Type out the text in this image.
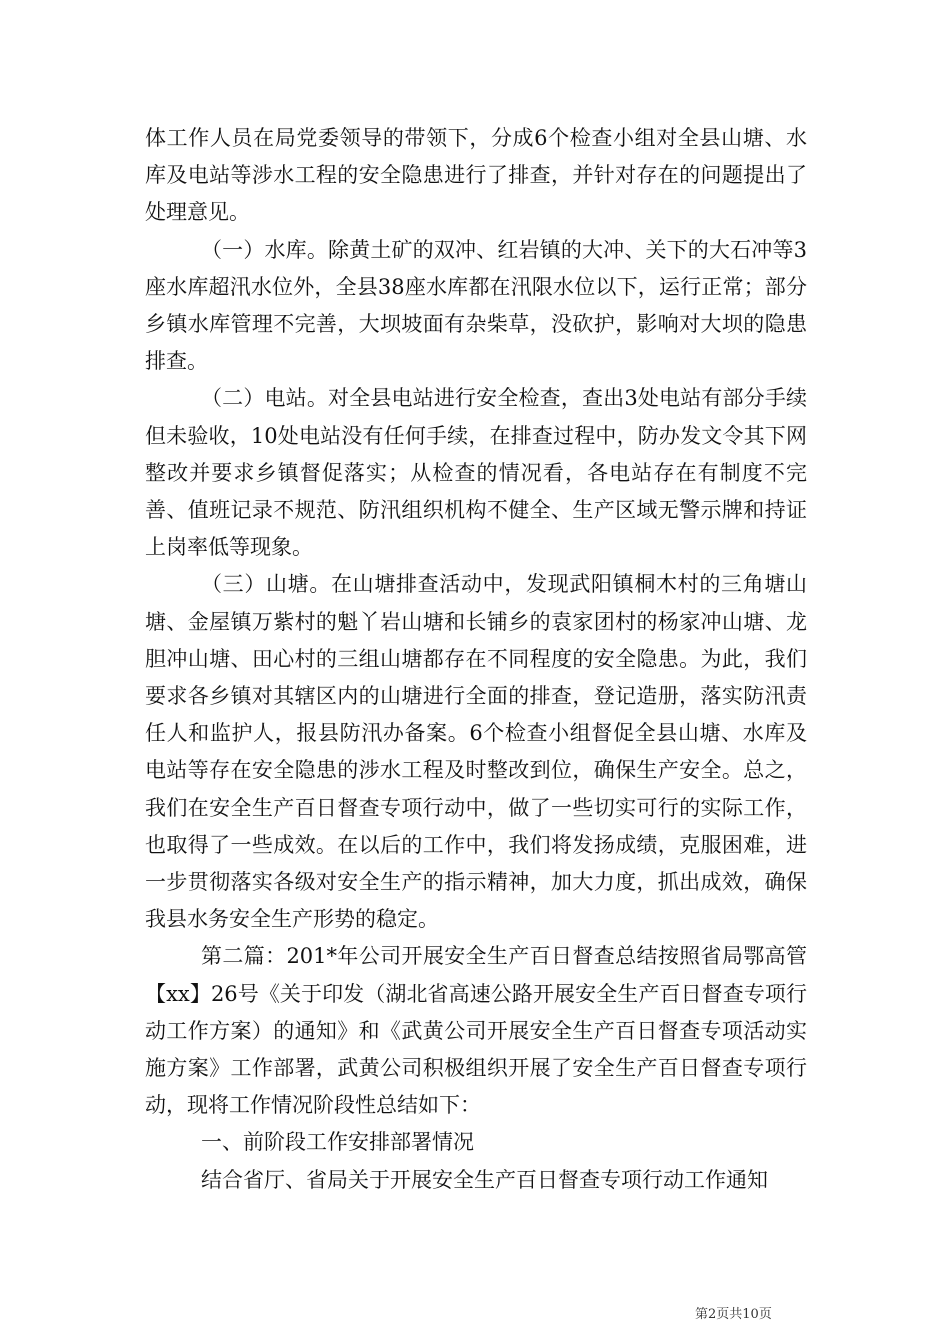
体工作人员在局党委领导的带领下，分成6个检查小组对全县山塘、水库及电站等涉水工程的安全隐患进行了排查，并针对存在的问题提出了处理意见。

（一）水库。除黄土矿的双冲、红岩镇的大冲、关下的大石冲等3座水库超汛水位外，全县38座水库都在汛限水位以下，运行正常；部分乡镇水库管理不完善，大坝坡面有杂柴草，没砍护，影响对大坝的隐患排查。

（二）电站。对全县电站进行安全检查，查出3处电站有部分手续但未验收，10处电站没有任何手续，在排查过程中，防办发文令其下网整改并要求乡镇督促落实；从检查的情况看，各电站存在有制度不完善、值班记录不规范、防汛组织机构不健全、生产区域无警示牌和持证上岗率低等现象。

（三）山塘。在山塘排查活动中，发现武阳镇桐木村的三角塘山塘、金屋镇万紫村的魁丫岩山塘和长铺乡的袁家团村的杨家冲山塘、龙胆冲山塘、田心村的三组山塘都存在不同程度的安全隐患。为此，我们要求各乡镇对其辖区内的山塘进行全面的排查，登记造册，落实防汛责任人和监护人，报县防汛办备案。6个检查小组督促全县山塘、水库及电站等存在安全隐患的涉水工程及时整改到位，确保生产安全。总之，我们在安全生产百日督查专项行动中，做了一些切实可行的实际工作，也取得了一些成效。在以后的工作中，我们将发扬成绩，克服困难，进一步贯彻落实各级对安全生产的指示精神，加大力度，抓出成效，确保我县水务安全生产形势的稳定。

第二篇：201*年公司开展安全生产百日督查总结按照省局鄂高管【xx】26号《关于印发（湖北省高速公路开展安全生产百日督查专项行动工作方案）的通知》和《武黄公司开展安全生产百日督查专项活动实施方案》工作部署，武黄公司积极组织开展了安全生产百日督查专项行动，现将工作情况阶段性总结如下：

一、前阶段工作安排部署情况

结合省厅、省局关于开展安全生产百日督查专项行动工作通知

第2页共10页
